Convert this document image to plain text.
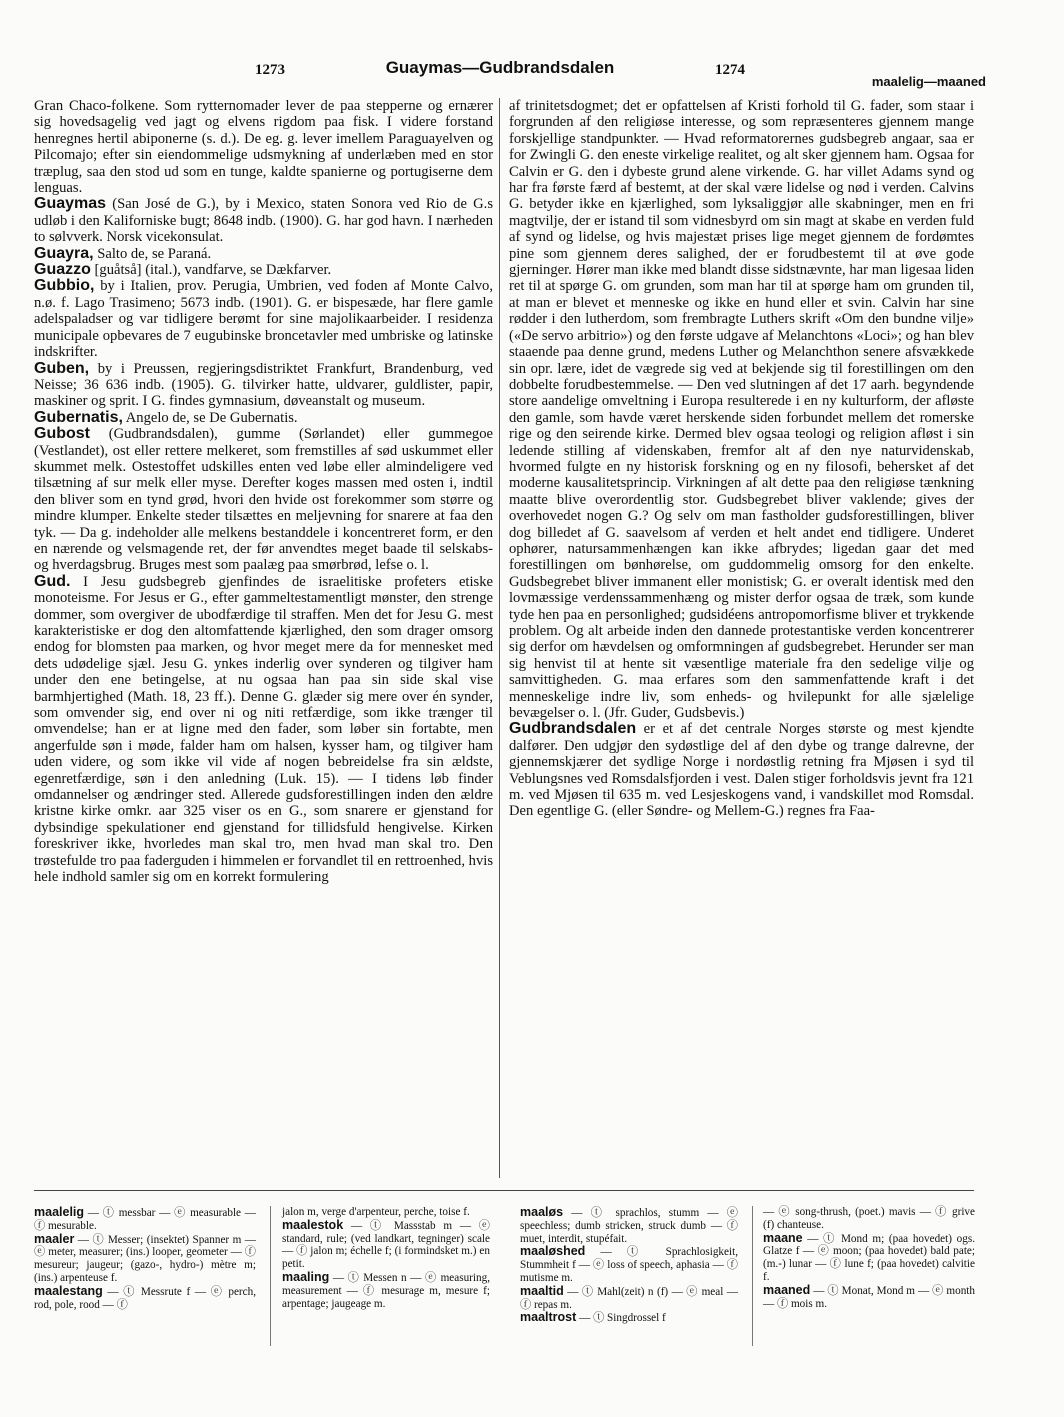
1273	Guaymas—Gudbrandsdalen	1274
maalelig—maaned

Gran Chaco-folkene. Som rytternomader lever de paa stepperne og ernærer sig hovedsagelig ved jagt og elvens rigdom paa fisk. I videre forstand henregnes hertil abiponerne (s. d.). De eg. g. lever imellem Paraguayelven og Pilcomajo; efter sin eiendommelige udsmykning af underlæben med en stor træplug, saa den stod ud som en tunge, kaldte spanierne og portugiserne dem lenguas.

Guaymas (San José de G.), by i Mexico, staten Sonora ved Rio de G.s udløb i den Kaliforniske bugt; 8648 indb. (1900). G. har god havn. I nærheden to sølvverk. Norsk vicekonsulat.

Guayra, Salto de, se Paraná.

Guazzo [guåtså] (ital.), vandfarve, se Dækfarver.

Gubbio, by i Italien, prov. Perugia, Umbrien, ved foden af Monte Calvo, n.ø. f. Lago Trasimeno; 5673 indb. (1901). G. er bispesæde, har flere gamle adelspaladser og var tidligere berømt for sine majolikaarbeider. I residenza municipale opbevares de 7 eugubinske broncetavler med umbriske og latinske indskrifter.

Guben, by i Preussen, regjeringsdistriktet Frankfurt, Brandenburg, ved Neisse; 36 636 indb. (1905). G. tilvirker hatte, uldvarer, guldlister, papir, maskiner og sprit. I G. findes gymnasium, døveanstalt og museum.

Gubernatis, Angelo de, se De Gubernatis.

Gubost (Gudbrandsdalen), gumme (Sørlandet) eller gummegoe (Vestlandet), ost eller rettere melkeret, som fremstilles af sød uskummet eller skummet melk. Ostestoffet udskilles enten ved løbe eller almindeligere ved tilsætning af sur melk eller myse. Derefter koges massen med osten i, indtil den bliver som en tynd grød, hvori den hvide ost forekommer som større og mindre klumper. Enkelte steder tilsættes en meljevning for snarere at faa den tyk. — Da g. indeholder alle melkens bestanddele i koncentreret form, er den en nærende og velsmagende ret, der før anvendtes meget baade til selskabs- og hverdagsbrug. Bruges mest som paalæg paa smørbrød, lefse o. l.

Gud. I Jesu gudsbegreb gjenfindes de israelitiske profeters etiske monoteisme. For Jesus er G., efter gammeltestamentligt mønster, den strenge dommer, som overgiver de ubodfærdige til straffen. Men det for Jesu G. mest karakteristiske er dog den altomfattende kjærlighed, den som drager omsorg endog for blomsten paa marken, og hvor meget mere da for mennesket med dets udødelige sjæl. Jesu G. ynkes inderlig over synderen og tilgiver ham under den ene betingelse, at nu ogsaa han paa sin side skal vise barmhjertighed (Math. 18, 23 ff.). Denne G. glæder sig mere over én synder, som omvender sig, end over ni og niti retfærdige, som ikke trænger til omvendelse; han er at ligne med den fader, som løber sin fortabte, men angerfulde søn i møde, falder ham om halsen, kysser ham, og tilgiver ham uden videre, og som ikke vil vide af nogen bebreidelse fra sin ældste, egenretfærdige, søn i den anledning (Luk. 15). — I tidens løb finder omdannelser og ændringer sted. Allerede gudsforestillingen inden den ældre kristne kirke omkr. aar 325 viser os en G., som snarere er gjenstand for dybsindige spekulationer end gjenstand for tillidsfuld hengivelse. Kirken foreskriver ikke, hvorledes man skal tro, men hvad man skal tro. Den trøstefulde tro paa faderguden i himmelen er forvandlet til en rettroenhed, hvis hele indhold samler sig om en korrekt formulering

af trinitetsdogmet; det er opfattelsen af Kristi forhold til G. fader, som staar i forgrunden af den religiøse interesse, og som repræsenteres gjennem mange forskjellige standpunkter. — Hvad reformatorernes gudsbegreb angaar, saa er for Zwingli G. den eneste virkelige realitet, og alt sker gjennem ham. Ogsaa for Calvin er G. den i dybeste grund alene virkende. G. har villet Adams synd og har fra første færd af bestemt, at der skal være lidelse og nød i verden. Calvins G. betyder ikke en kjærlighed, som lyksaliggjør alle skabninger, men en fri magtvilje, der er istand til som vidnesbyrd om sin magt at skabe en verden fuld af synd og lidelse, og hvis majestæt prises lige meget gjennem de fordømtes pine som gjennem deres salighed, der er forudbestemt til at øve gode gjerninger. Hører man ikke med blandt disse sidstnævnte, har man ligesaa liden ret til at spørge G. om grunden, som man har til at spørge ham om grunden til, at man er blevet et menneske og ikke en hund eller et svin. Calvin har sine rødder i den lutherdom, som frembragte Luthers skrift «Om den bundne vilje» («De servo arbitrio») og den første udgave af Melanchtons «Loci»; og han blev staaende paa denne grund, medens Luther og Melanchthon senere afsvækkede sin opr. lære, idet de vægrede sig ved at bekjende sig til forestillingen om den dobbelte forudbestemmelse. — Den ved slutningen af det 17 aarh. begyndende store aandelige omveltning i Europa resulterede i en ny kulturform, der afløste den gamle, som havde været herskende siden forbundet mellem det romerske rige og den seirende kirke. Dermed blev ogsaa teologi og religion afløst i sin ledende stilling af videnskaben, fremfor alt af den nye naturvidenskab, hvormed fulgte en ny historisk forskning og en ny filosofi, behersket af det moderne kausalitetsprincip. Virkningen af alt dette paa den religiøse tænkning maatte blive overordentlig stor. Gudsbegrebet bliver vaklende; gives der overhovedet nogen G.? Og selv om man fastholder gudsforestillingen, bliver dog billedet af G. saavelsom af verden et helt andet end tidligere. Underet ophører, natursammenhængen kan ikke afbrydes; ligedan gaar det med forestillingen om bønhørelse, om guddommelig omsorg for den enkelte. Gudsbegrebet bliver immanent eller monistisk; G. er overalt identisk med den lovmæssige verdenssammenhæng og mister derfor ogsaa de træk, som kunde tyde hen paa en personlighed; gudsidéens antropomorfisme bliver et trykkende problem. Og alt arbeide inden den dannede protestantiske verden koncentrerer sig derfor om hævdelsen og omformningen af gudsbegrebet. Herunder ser man sig henvist til at hente sit væsentlige materiale fra den sedelige vilje og samvittigheden. G. maa erfares som den sammenfattende kraft i det menneskelige indre liv, som enheds- og hvilepunkt for alle sjælelige bevægelser o. l. (Jfr. Guder, Gudsbevis.)

Gudbrandsdalen er et af det centrale Norges største og mest kjendte dalfører. Den udgjør den sydøstlige del af den dybe og trange dalrevne, der gjennemskjærer det sydlige Norge i nordøstlig retning fra Mjøsen i syd til Veblungsnes ved Romsdalsfjorden i vest. Dalen stiger forholdsvis jevnt fra 121 m. ved Mjøsen til 635 m. ved Lesjeskogens vand, i vandskillet mod Romsdal. Den egentlige G. (eller Søndre- og Mellem-G.) regnes fra Faa-

maalelig — ⓣ messbar — ⓔ measurable — ⓕ mesurable.

maaler — ⓣ Messer; (insektet) Spanner m — ⓔ meter, measurer; (ins.) looper, geometer — ⓕ mesureur; jaugeur; (gazo-, hydro-) mètre m; (ins.) arpenteuse f.

maalestang — ⓣ Messrute f — ⓔ perch, rod, pole, rood — ⓕ

jalon m, verge d'arpenteur, perche, toise f.

maalestok — ⓣ Massstab m — ⓔ standard, rule; (ved landkart, tegninger) scale — ⓕ jalon m; échelle f; (i formindsket m.) en petit.

maaling — ⓣ Messen n — ⓔ measuring, measurement — ⓕ mesurage m, mesure f; arpentage; jaugeage m.

maaløs — ⓣ sprachlos, stumm — ⓔ speechless; dumb stricken, struck dumb — ⓕ muet, interdit, stupéfait.

maaløshed — ⓣ Sprachlosigkeit, Stummheit f — ⓔ loss of speech, aphasia — ⓕ mutisme m.

maaltid — ⓣ Mahl(zeit) n (f) — ⓔ meal — ⓕ repas m.

maaltrost — ⓣ Singdrossel f

— ⓔ song-thrush, (poet.) mavis — ⓕ grive (f) chanteuse.

maane — ⓣ Mond m; (paa hovedet) ogs. Glatze f — ⓔ moon; (paa hovedet) bald pate; (m.-) lunar — ⓕ lune f; (paa hovedet) calvitie f.

maaned — ⓣ Monat, Mond m — ⓔ month — ⓕ mois m.
